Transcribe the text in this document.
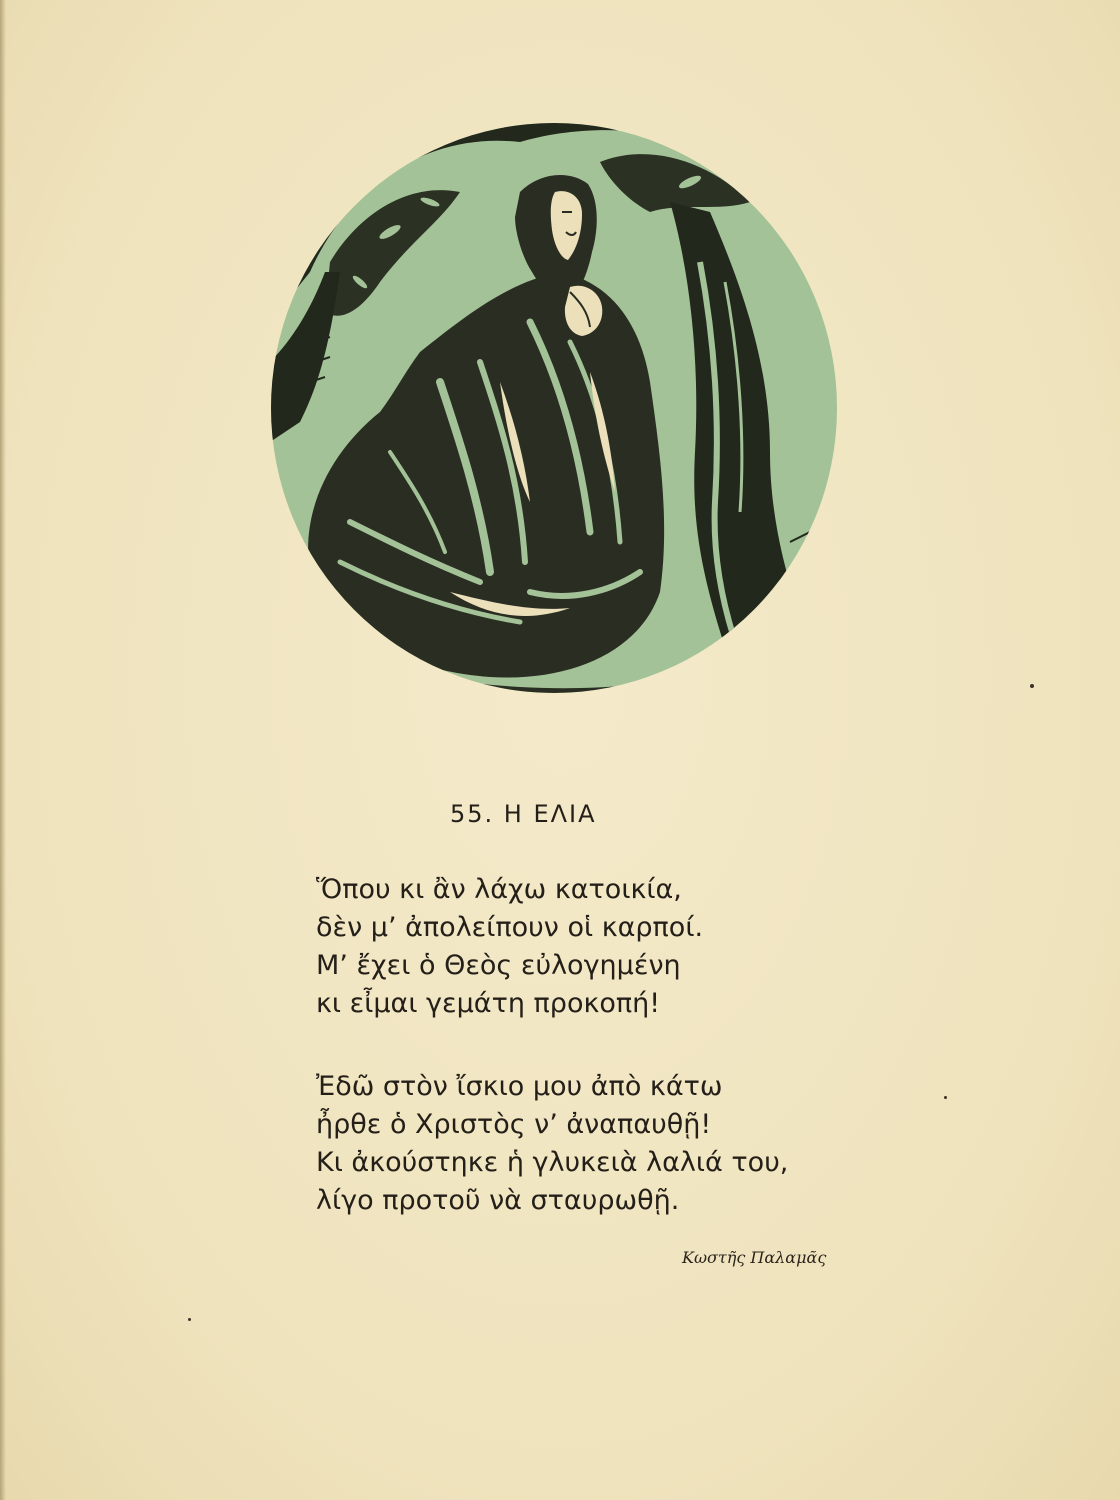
55. Η ΕΛΙΑ
Ὅπου κι ἂν λάχω κατοικία,
δὲν μ’ ἀπολείπουν οἱ καρποί.
Μ’ ἔχει ὁ Θεὸς εὐλογημένη
κι εἶμαι γεμάτη προκοπή!
Ἐδῶ στὸν ἴσκιο μου ἀπὸ κάτω
ἦρθε ὁ Χριστὸς ν’ ἀναπαυθῇ!
Κι ἀκούστηκε ἡ γλυκειὰ λαλιά του,
λίγο προτοῦ νὰ σταυρωθῇ.
Κωστῆς Παλαμᾶς
